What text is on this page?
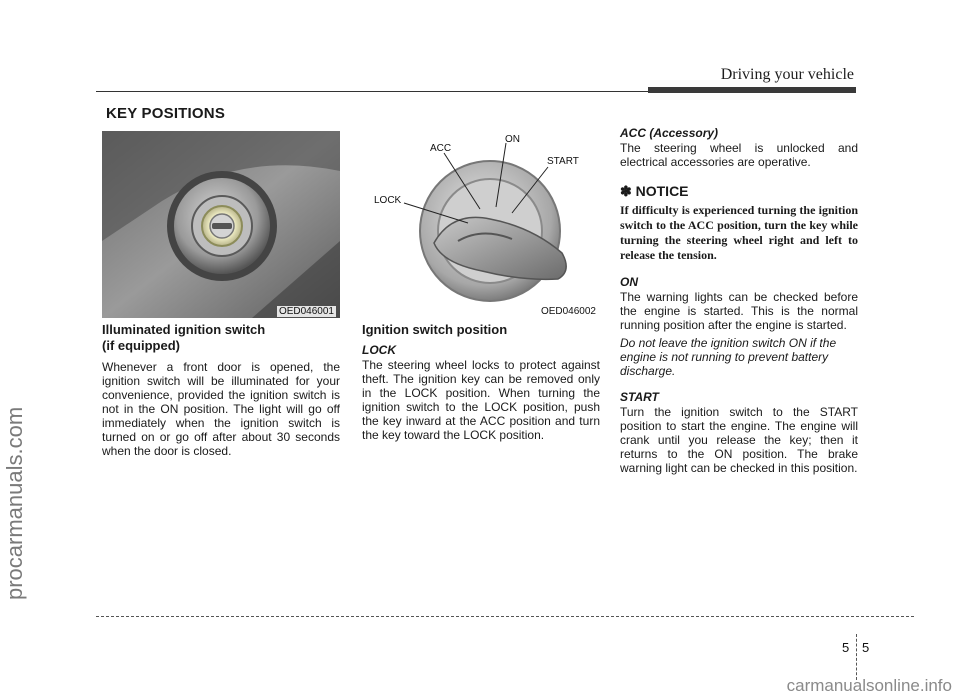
Driving your vehicle
KEY POSITIONS
procarmanuals.com
carmanualsonline.info
OED046001
LOCK
ACC
ON
START
OED046002

Illuminated ignition switch

(if equipped)

Whenever a front door is opened, the ignition switch will be illuminated for your convenience, provided the ignition switch is not in the ON position. The light will go off immediately when the ignition switch is turned on or go off after about 30 seconds when the door is closed.

Ignition switch position

LOCK

The steering wheel locks to protect against theft. The ignition key can be removed only in the LOCK position. When turning the ignition switch to the LOCK position, push the key inward at the ACC position and turn the key toward the LOCK position.

ACC (Accessory)

The steering wheel is unlocked and electrical accessories are operative.

✽ NOTICE

If difficulty is experienced turning the ignition switch to the ACC position, turn the key while turning the steering wheel right and left to release the tension.

ON

The warning lights can be checked before the engine is started. This is the normal running position after the engine is started.

Do not leave the ignition switch ON if the engine is not running to prevent battery discharge.

START

Turn the ignition switch to the START position to start the engine. The engine will crank until you release the key; then it returns to the ON position. The brake warning light can be checked in this position.

5 5
